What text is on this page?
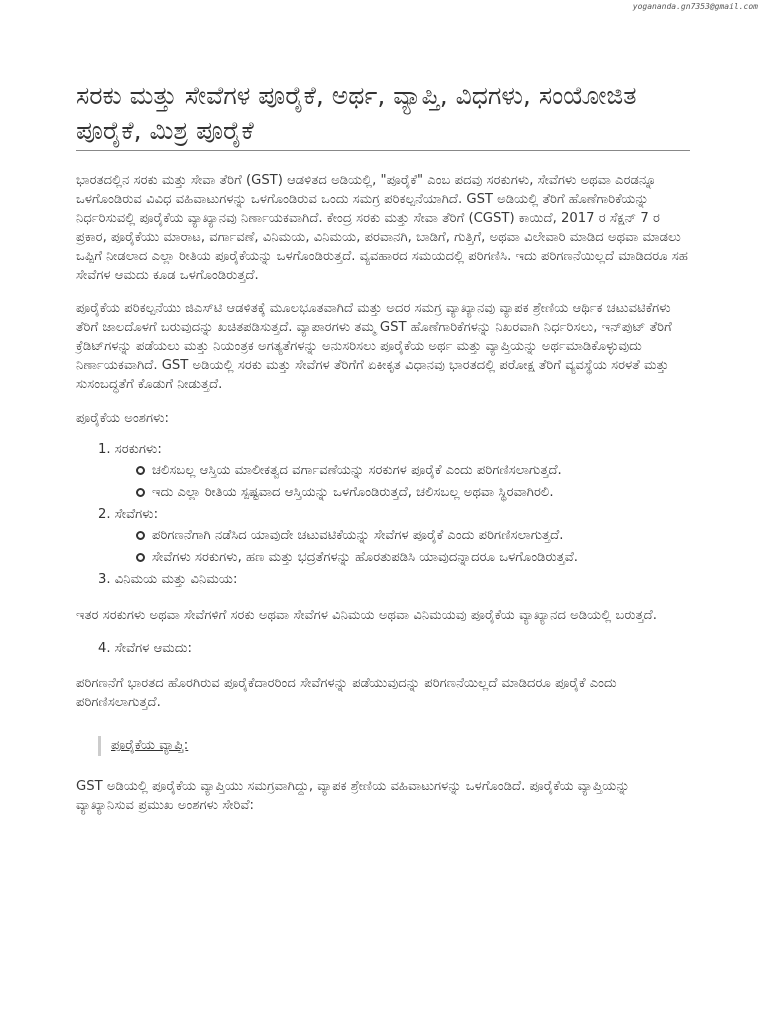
yogananda.gn7353@gmail.com
ಸರಕು ಮತ್ತು ಸೇವೆಗಳ ಪೂರೈಕೆ, ಅರ್ಥ, ವ್ಯಾಪ್ತಿ, ವಿಧಗಳು, ಸಂಯೋಜಿತ ಪೂರೈಕೆ, ಮಿಶ್ರ ಪೂರೈಕೆ

ಭಾರತದಲ್ಲಿನ ಸರಕು ಮತ್ತು ಸೇವಾ ತೆರಿಗೆ (GST) ಆಡಳಿತದ ಅಡಿಯಲ್ಲಿ, "ಪೂರೈಕೆ" ಎಂಬ ಪದವು ಸರಕುಗಳು, ಸೇವೆಗಳು ಅಥವಾ ಎರಡನ್ನೂ ಒಳಗೊಂಡಿರುವ ವಿವಿಧ ವಹಿವಾಟುಗಳನ್ನು ಒಳಗೊಂಡಿರುವ ಒಂದು ಸಮಗ್ರ ಪರಿಕಲ್ಪನೆಯಾಗಿದೆ. GST ಅಡಿಯಲ್ಲಿ ತೆರಿಗೆ ಹೊಣೆಗಾರಿಕೆಯನ್ನು ನಿರ್ಧರಿಸುವಲ್ಲಿ ಪೂರೈಕೆಯ ವ್ಯಾಖ್ಯಾನವು ನಿರ್ಣಾಯಕವಾಗಿದೆ. ಕೇಂದ್ರ ಸರಕು ಮತ್ತು ಸೇವಾ ತೆರಿಗೆ (CGST) ಕಾಯಿದೆ, 2017 ರ ಸೆಕ್ಷನ್ 7 ರ ಪ್ರಕಾರ, ಪೂರೈಕೆಯು ಮಾರಾಟ, ವರ್ಗಾವಣೆ, ವಿನಿಮಯ, ವಿನಿಮಯ, ಪರವಾನಗಿ, ಬಾಡಿಗೆ, ಗುತ್ತಿಗೆ, ಅಥವಾ ವಿಲೇವಾರಿ ಮಾಡಿದ ಅಥವಾ ಮಾಡಲು ಒಪ್ಪಿಗೆ ನೀಡಲಾದ ಎಲ್ಲಾ ರೀತಿಯ ಪೂರೈಕೆಯನ್ನು ಒಳಗೊಂಡಿರುತ್ತದೆ. ವ್ಯವಹಾರದ ಸಮಯದಲ್ಲಿ ಪರಿಗಣಿಸಿ. ಇದು ಪರಿಗಣನೆಯಿಲ್ಲದೆ ಮಾಡಿದರೂ ಸಹ ಸೇವೆಗಳ ಆಮದು ಕೂಡ ಒಳಗೊಂಡಿರುತ್ತದೆ.

ಪೂರೈಕೆಯ ಪರಿಕಲ್ಪನೆಯು ಜಿಎಸ್‌ಟಿ ಆಡಳಿತಕ್ಕೆ ಮೂಲಭೂತವಾಗಿದೆ ಮತ್ತು ಅದರ ಸಮಗ್ರ ವ್ಯಾಖ್ಯಾನವು ವ್ಯಾಪಕ ಶ್ರೇಣಿಯ ಆರ್ಥಿಕ ಚಟುವಟಿಕೆಗಳು ತೆರಿಗೆ ಜಾಲದೊಳಗೆ ಬರುವುದನ್ನು ಖಚಿತಪಡಿಸುತ್ತದೆ. ವ್ಯಾಪಾರಗಳು ತಮ್ಮ GST ಹೊಣೆಗಾರಿಕೆಗಳನ್ನು ನಿಖರವಾಗಿ ನಿರ್ಧರಿಸಲು, ಇನ್‌ಪುಟ್ ತೆರಿಗೆ ಕ್ರೆಡಿಟ್‌ಗಳನ್ನು ಪಡೆಯಲು ಮತ್ತು ನಿಯಂತ್ರಕ ಅಗತ್ಯತೆಗಳನ್ನು ಅನುಸರಿಸಲು ಪೂರೈಕೆಯ ಅರ್ಥ ಮತ್ತು ವ್ಯಾಪ್ತಿಯನ್ನು ಅರ್ಥಮಾಡಿಕೊಳ್ಳುವುದು ನಿರ್ಣಾಯಕವಾಗಿದೆ. GST ಅಡಿಯಲ್ಲಿ ಸರಕು ಮತ್ತು ಸೇವೆಗಳ ತೆರಿಗೆಗೆ ಏಕೀಕೃತ ವಿಧಾನವು ಭಾರತದಲ್ಲಿ ಪರೋಕ್ಷ ತೆರಿಗೆ ವ್ಯವಸ್ಥೆಯ ಸರಳತೆ ಮತ್ತು ಸುಸಂಬದ್ಧತೆಗೆ ಕೊಡುಗೆ ನೀಡುತ್ತದೆ.

ಪೂರೈಕೆಯ ಅಂಶಗಳು:

1. ಸರಕುಗಳು:
ಚಲಿಸಬಲ್ಲ ಆಸ್ತಿಯ ಮಾಲೀಕತ್ವದ ವರ್ಗಾವಣೆಯನ್ನು ಸರಕುಗಳ ಪೂರೈಕೆ ಎಂದು ಪರಿಗಣಿಸಲಾಗುತ್ತದೆ.
ಇದು ಎಲ್ಲಾ ರೀತಿಯ ಸ್ಪಷ್ಟವಾದ ಆಸ್ತಿಯನ್ನು ಒಳಗೊಂಡಿರುತ್ತದೆ, ಚಲಿಸಬಲ್ಲ ಅಥವಾ ಸ್ಥಿರವಾಗಿರಲಿ.
2. ಸೇವೆಗಳು:
ಪರಿಗಣನೆಗಾಗಿ ನಡೆಸಿದ ಯಾವುದೇ ಚಟುವಟಿಕೆಯನ್ನು ಸೇವೆಗಳ ಪೂರೈಕೆ ಎಂದು ಪರಿಗಣಿಸಲಾಗುತ್ತದೆ.
ಸೇವೆಗಳು ಸರಕುಗಳು, ಹಣ ಮತ್ತು ಭದ್ರತೆಗಳನ್ನು ಹೊರತುಪಡಿಸಿ ಯಾವುದನ್ನಾದರೂ ಒಳಗೊಂಡಿರುತ್ತವೆ.
3. ವಿನಿಮಯ ಮತ್ತು ವಿನಿಮಯ:

ಇತರ ಸರಕುಗಳು ಅಥವಾ ಸೇವೆಗಳಿಗೆ ಸರಕು ಅಥವಾ ಸೇವೆಗಳ ವಿನಿಮಯ ಅಥವಾ ವಿನಿಮಯವು ಪೂರೈಕೆಯ ವ್ಯಾಖ್ಯಾನದ ಅಡಿಯಲ್ಲಿ ಬರುತ್ತದೆ.

4. ಸೇವೆಗಳ ಆಮದು:

ಪರಿಗಣನೆಗೆ ಭಾರತದ ಹೊರಗಿರುವ ಪೂರೈಕೆದಾರರಿಂದ ಸೇವೆಗಳನ್ನು ಪಡೆಯುವುದನ್ನು ಪರಿಗಣನೆಯಿಲ್ಲದೆ ಮಾಡಿದರೂ ಪೂರೈಕೆ ಎಂದು ಪರಿಗಣಿಸಲಾಗುತ್ತದೆ.

ಪೂರೈಕೆಯ ವ್ಯಾಪ್ತಿ:

GST ಅಡಿಯಲ್ಲಿ ಪೂರೈಕೆಯ ವ್ಯಾಪ್ತಿಯು ಸಮಗ್ರವಾಗಿದ್ದು, ವ್ಯಾಪಕ ಶ್ರೇಣಿಯ ವಹಿವಾಟುಗಳನ್ನು ಒಳಗೊಂಡಿದೆ. ಪೂರೈಕೆಯ ವ್ಯಾಪ್ತಿಯನ್ನು ವ್ಯಾಖ್ಯಾನಿಸುವ ಪ್ರಮುಖ ಅಂಶಗಳು ಸೇರಿವೆ:
